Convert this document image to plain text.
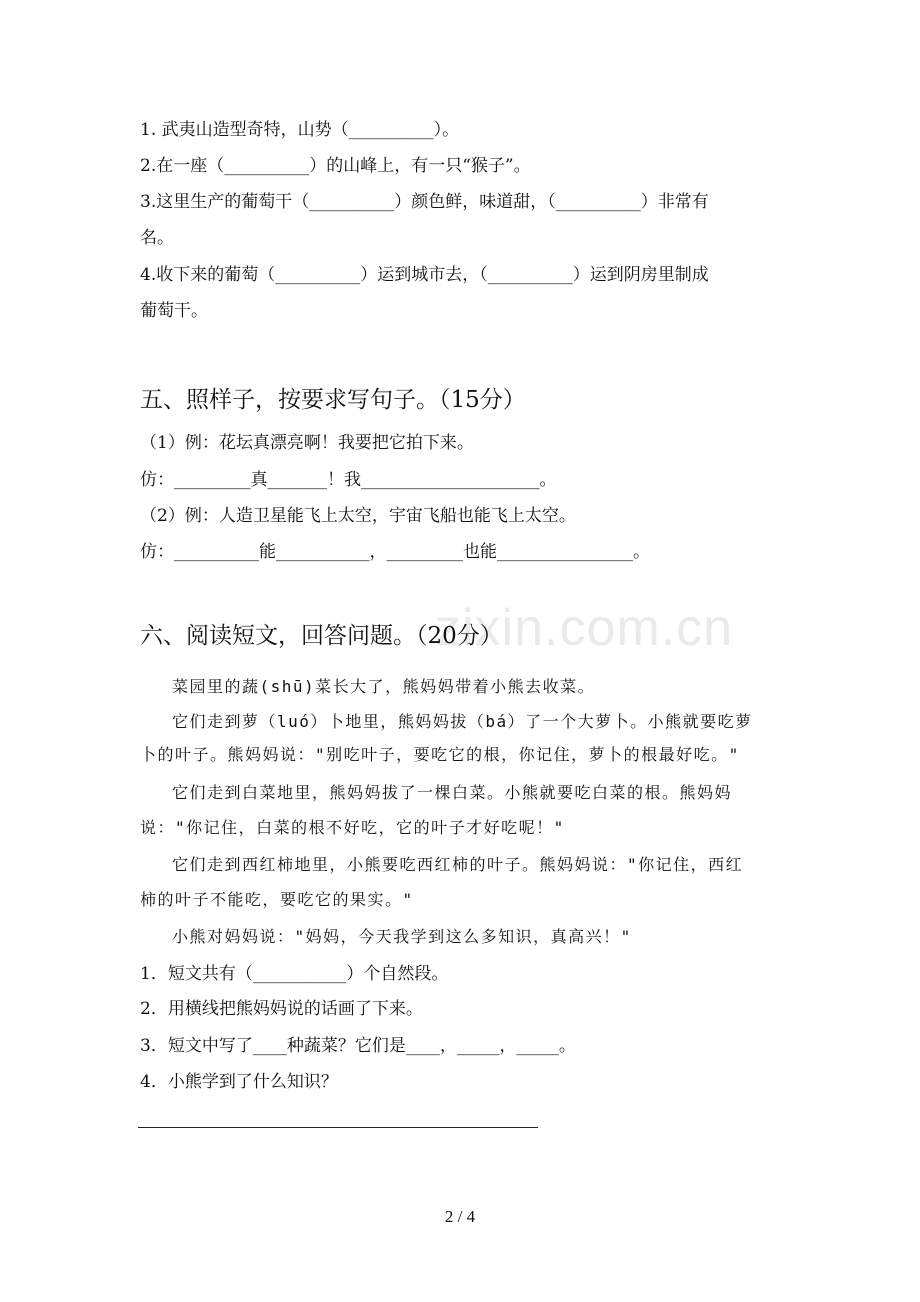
zixin.com.cn
1. 武夷山造型奇特，山势（__________）。
2.在一座（__________）的山峰上，有一只“猴子”。
3.这里生产的葡萄干（__________）颜色鲜，味道甜，（__________）非常有
名。
4.收下来的葡萄（__________）运到城市去，（__________）运到阴房里制成
葡萄干。
五、照样子，按要求写句子。（15分）
（1）例：花坛真漂亮啊！我要把它拍下来。
仿：_________真_______！我_____________________。
（2）例：人造卫星能飞上太空，宇宙飞船也能飞上太空。
仿：__________能___________，_________也能________________。
六、阅读短文，回答问题。（20分）
菜园里的蔬(shū)菜长大了，熊妈妈带着小熊去收菜。
它们走到萝（luó）卜地里，熊妈妈拔（bá）了一个大萝卜。小熊就要吃萝
卜的叶子。熊妈妈说："别吃叶子，要吃它的根，你记住，萝卜的根最好吃。"
它们走到白菜地里，熊妈妈拔了一棵白菜。小熊就要吃白菜的根。熊妈妈
说："你记住，白菜的根不好吃，它的叶子才好吃呢！"
它们走到西红柿地里，小熊要吃西红柿的叶子。熊妈妈说："你记住，西红
柿的叶子不能吃，要吃它的果实。"
小熊对妈妈说："妈妈，今天我学到这么多知识，真高兴！"
1．短文共有（___________）个自然段。
2．用横线把熊妈妈说的话画了下来。
3．短文中写了____种蔬菜？它们是____，_____，_____。
4．小熊学到了什么知识？
2 / 4
